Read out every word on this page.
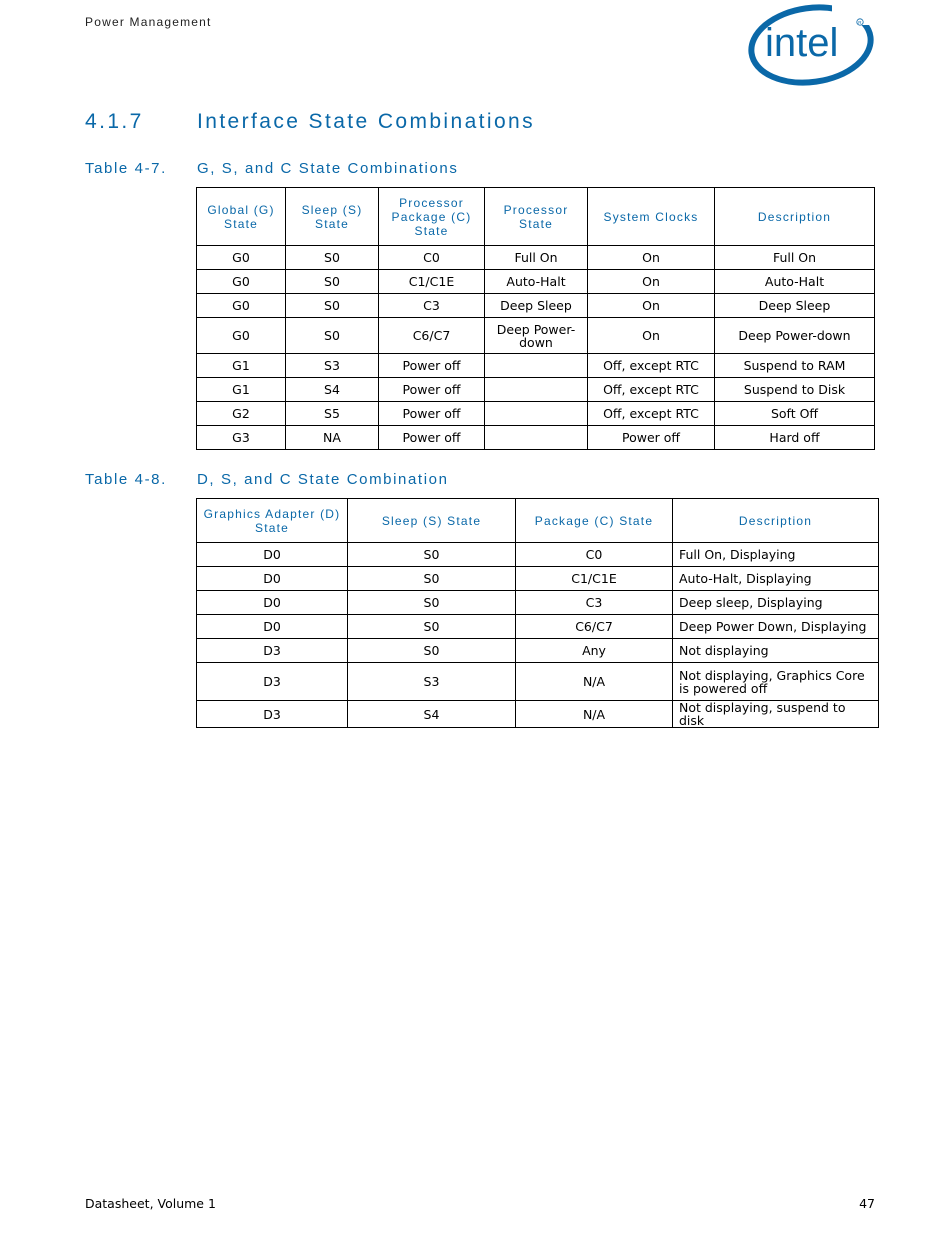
Power Management	intel	R
4.1.7	Interface State Combinations
Table 4-7. G, S, and C State Combinations
Global (G) State	Sleep (S) State	Processor Package (C) State	Processor State	System Clocks	Description
G0	S0	C0	Full On	On	Full On
G0	S0	C1/C1E	Auto-Halt	On	Auto-Halt
G0	S0	C3	Deep Sleep	On	Deep Sleep
G0	S0	C6/C7	Deep Power-down	On	Deep Power-down
G1	S3	Power off		Off, except RTC	Suspend to RAM
G1	S4	Power off		Off, except RTC	Suspend to Disk
G2	S5	Power off		Off, except RTC	Soft Off
G3	NA	Power off		Power off	Hard off
Table 4-8. D, S, and C State Combination
Graphics Adapter (D) State	Sleep (S) State	Package (C) State	Description
D0	S0	C0	Full On, Displaying
D0	S0	C1/C1E	Auto-Halt, Displaying
D0	S0	C3	Deep sleep, Displaying
D0	S0	C6/C7	Deep Power Down, Displaying
D3	S0	Any	Not displaying
D3	S3	N/A	Not displaying, Graphics Core is powered off
D3	S4	N/A	Not displaying, suspend to disk
Datasheet, Volume 1	47
